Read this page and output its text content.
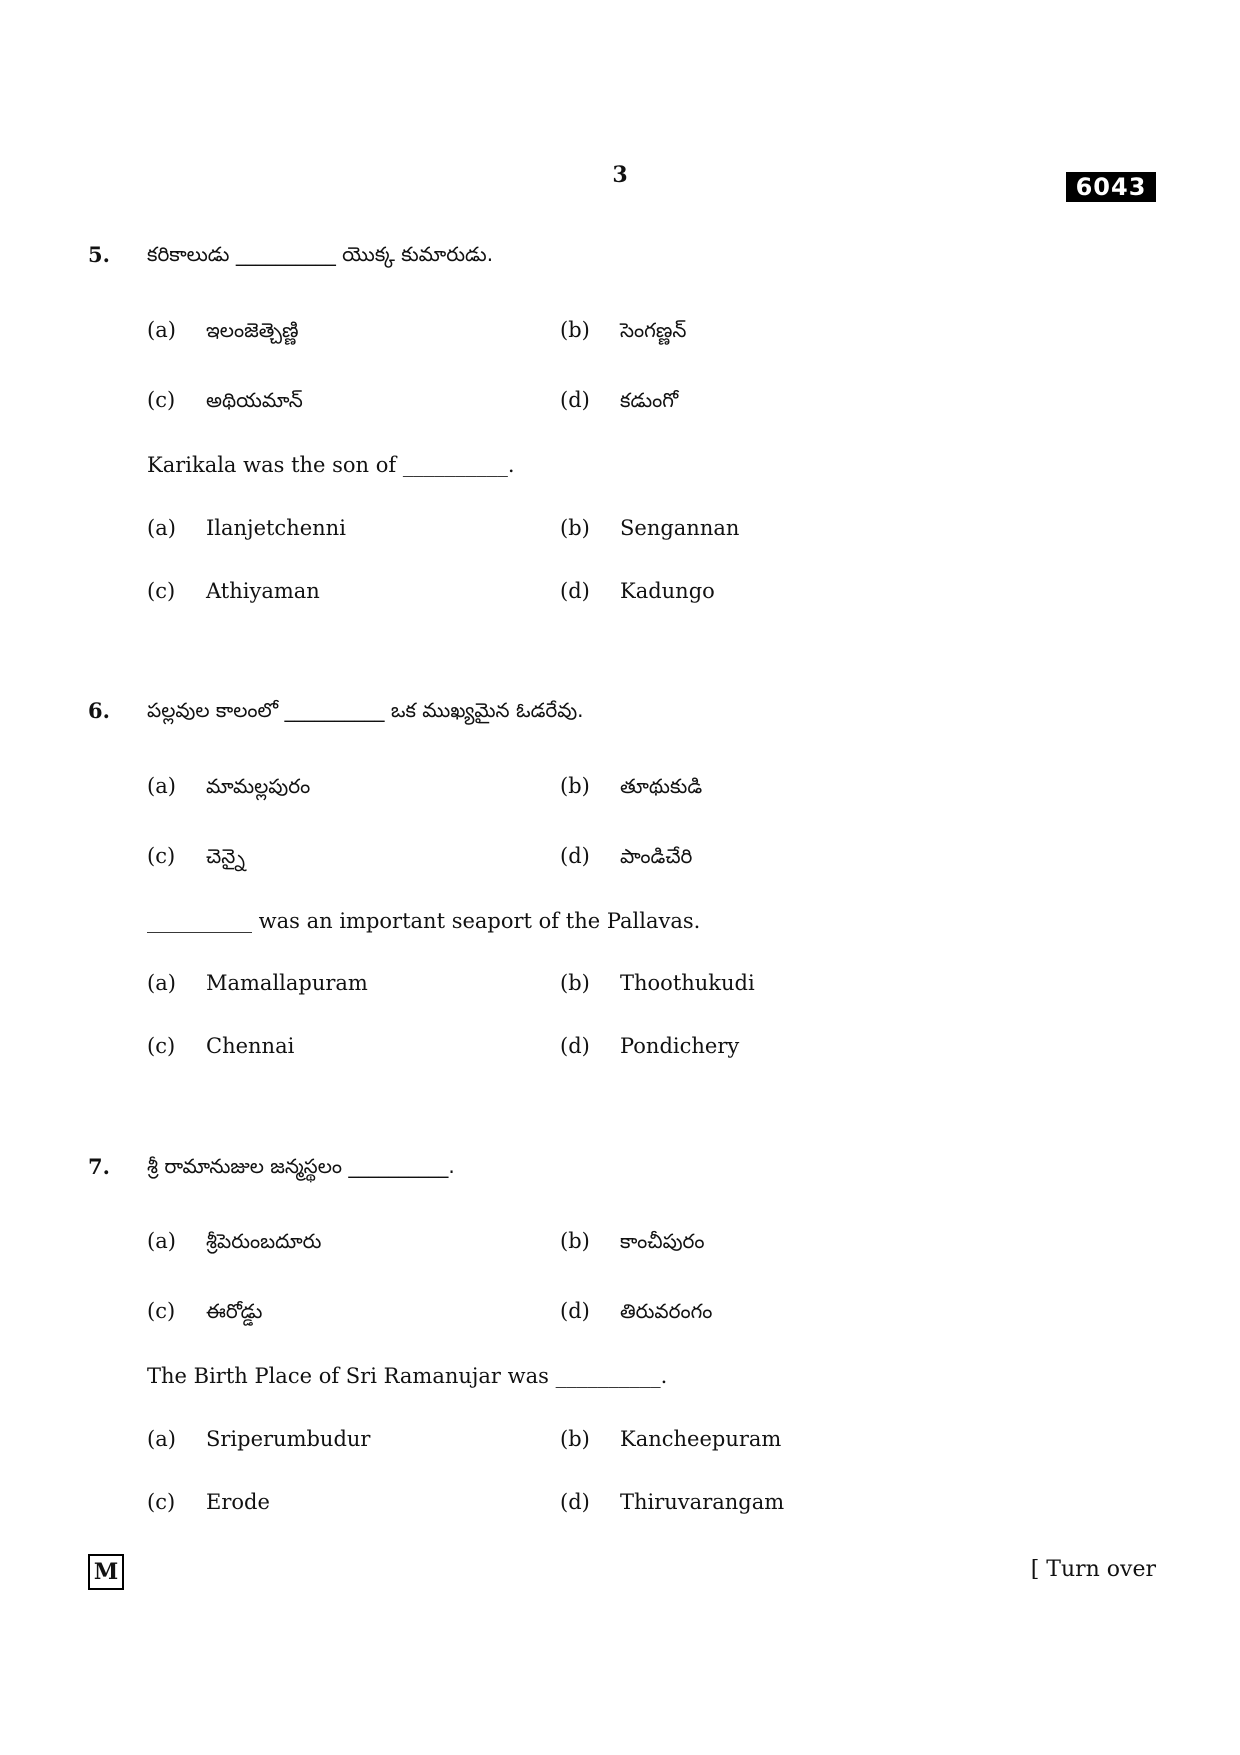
3	6043
5. కరికాలుడు __________ యొక్క కుమారుడు.
(a) ఇలంజెత్చెణ్ణి	(b) సెంగణ్ణన్
(c) అథియమాన్	(d) కడుంగో
Karikala was the son of __________.
(a) Ilanjetchenni	(b) Sengannan
(c) Athiyaman	(d) Kadungo
6. పల్లవుల కాలంలో __________ ఒక ముఖ్యమైన ఓడరేవు.
(a) మామల్లపురం	(b) తూథుకుడి
(c) చెన్నై	(d) పాండిచేరి
__________ was an important seaport of the Pallavas.
(a) Mamallapuram	(b) Thoothukudi
(c) Chennai	(d) Pondichery
7. శ్రీ రామానుజుల జన్మస్థలం __________.
(a) శ్రీపెరుంబదూరు	(b) కాంచీపురం
(c) ఈరోడ్డు	(d) తిరువరంగం
The Birth Place of Sri Ramanujar was __________.
(a) Sriperumbudur	(b) Kancheepuram
(c) Erode	(d) Thiruvarangam
M	[ Turn over
